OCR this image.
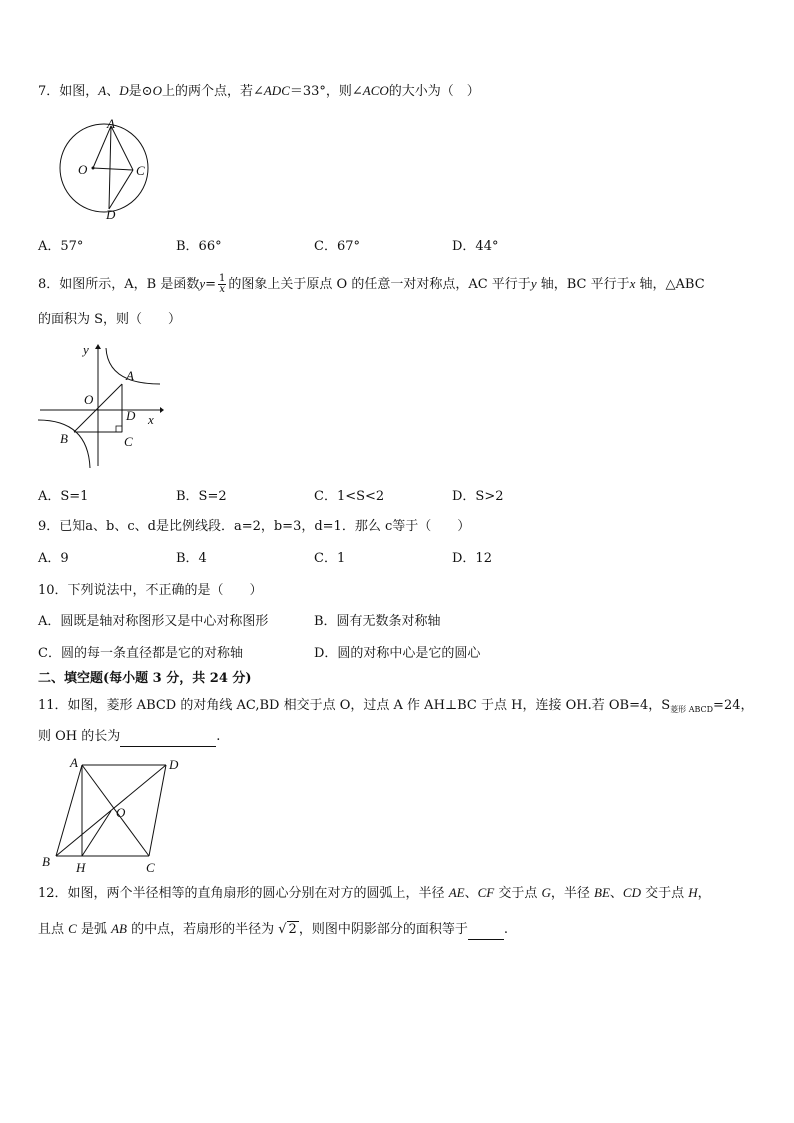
7．如图，A、D是⊙O上的两个点，若∠ADC＝33°，则∠ACO的大小为（　）
A
O	C
D
A．57°	B．66°	C．67°	D．44°
8．如图所示，A，B 是函数$y= \frac{1}{x}$ 的图象上关于原点 O 的任意一对对称点，AC 平行于y 轴，BC 平行于x 轴，△ABC
的面积为 S，则（　　）
y
A
O
D x
B	C
A．S=1	B．S=2	C．1<S<2	D．S>2
9．已知a、b、c、d是比例线段．a=2，b=3，d=1．那么 c等于（　　）
A．9	B．4	C．1	D．12
10．下列说法中，不正确的是（　　）
A．圆既是轴对称图形又是中心对称图形	B．圆有无数条对称轴
C．圆的每一条直径都是它的对称轴	D．圆的对称中心是它的圆心
二、填空题(每小题 3 分，共 24 分)
11．如图，菱形 ABCD 的对角线 AC,BD 相交于点 O，过点 A 作 AH⊥BC 于点 H，连接 OH.若 OB=4，$S_{菱形 ABCD}=24$，
则 OH 的长为	.
A	D
O
B H	C
12．如图，两个半径相等的直角扇形的圆心分别在对方的圆弧上，半径 AE、CF 交于点 G，半径 BE、CD 交于点 H，
且点 C 是弧 AB 的中点，若扇形的半径为 √ 2 ，则图中阴影部分的面积等于	.
